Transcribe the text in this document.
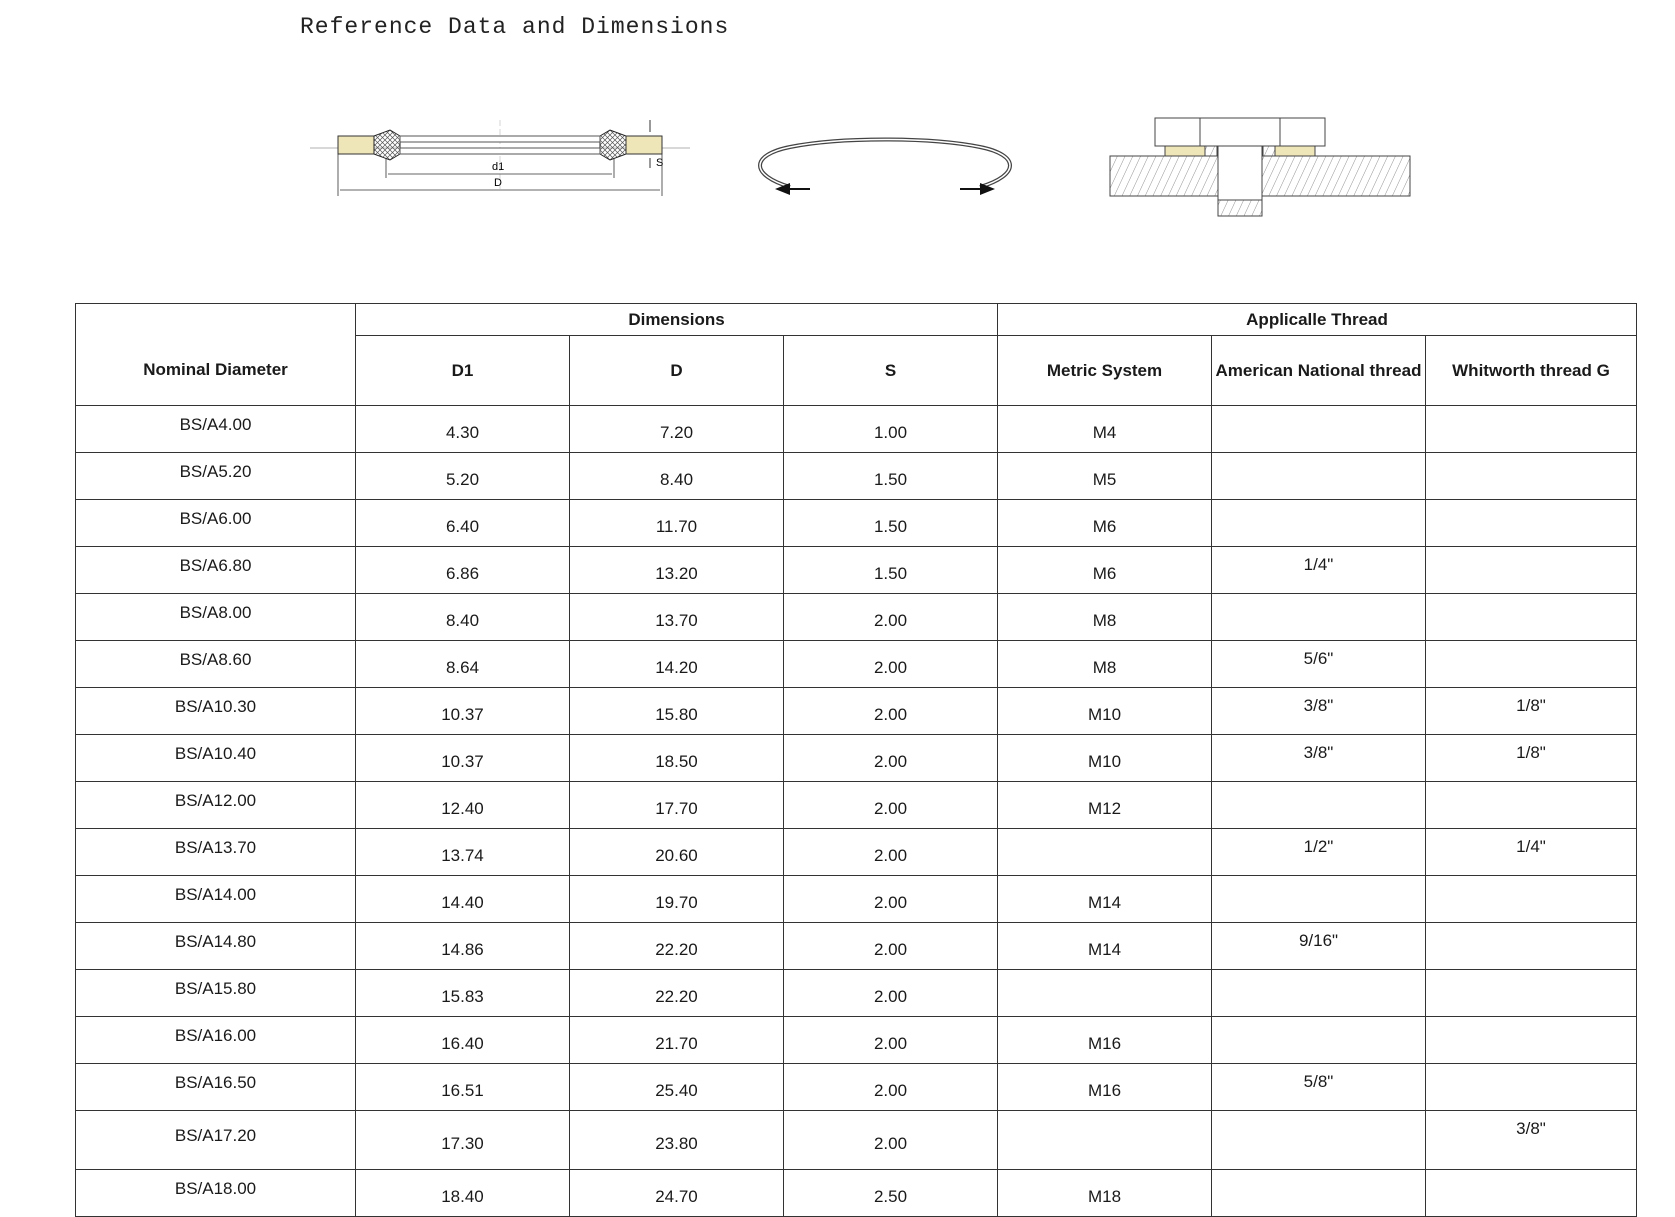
Reference Data and Dimensions
S
d1
D
Nominal Diameter	Dimensions			Applicalle Thread		
	D1	D	S	Metric System	American National thread	Whitworth thread G
BS/A4.00	4.30	7.20	1.00	M4		
BS/A5.20	5.20	8.40	1.50	M5		
BS/A6.00	6.40	11.70	1.50	M6		
BS/A6.80	6.86	13.20	1.50	M6	1/4"	
BS/A8.00	8.40	13.70	2.00	M8		
BS/A8.60	8.64	14.20	2.00	M8	5/6"	
BS/A10.30	10.37	15.80	2.00	M10	3/8"	1/8"
BS/A10.40	10.37	18.50	2.00	M10	3/8"	1/8"
BS/A12.00	12.40	17.70	2.00	M12		
BS/A13.70	13.74	20.60	2.00		1/2"	1/4"
BS/A14.00	14.40	19.70	2.00	M14		
BS/A14.80	14.86	22.20	2.00	M14	9/16"	
BS/A15.80	15.83	22.20	2.00			
BS/A16.00	16.40	21.70	2.00	M16		
BS/A16.50	16.51	25.40	2.00	M16	5/8"	
BS/A17.20	17.30	23.80	2.00			3/8"
BS/A18.00	18.40	24.70	2.50	M18		
